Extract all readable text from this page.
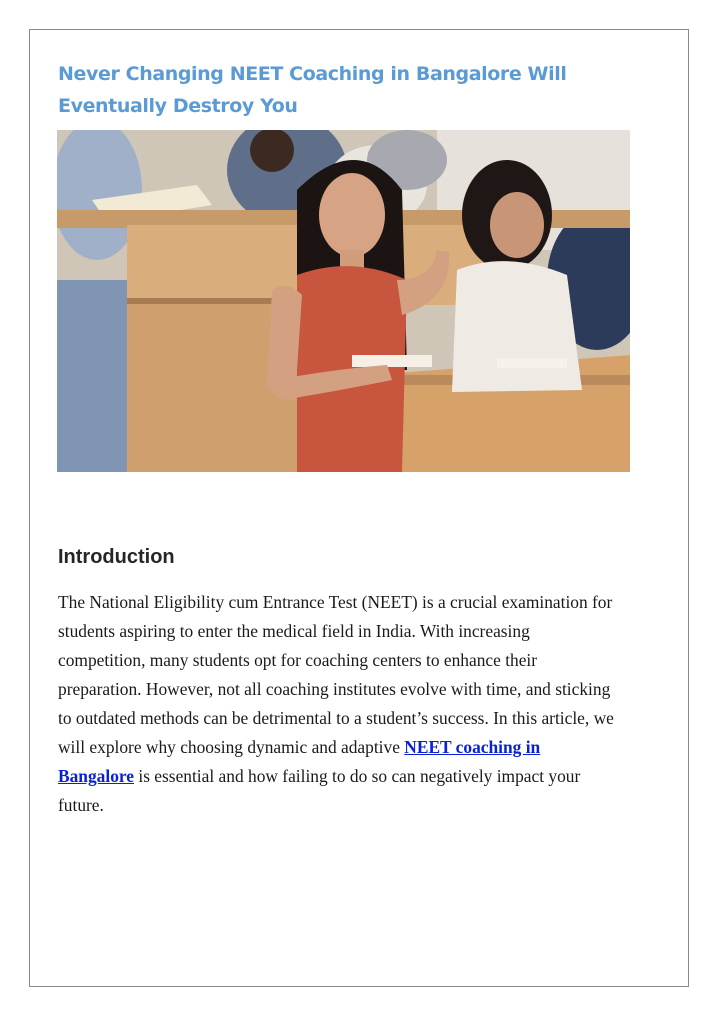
Never Changing NEET Coaching in Bangalore Will Eventually Destroy You
Introduction

The National Eligibility cum Entrance Test (NEET) is a crucial examination for students aspiring to enter the medical field in India. With increasing competition, many students opt for coaching centers to enhance their preparation. However, not all coaching institutes evolve with time, and sticking to outdated methods can be detrimental to a student’s success. In this article, we will explore why choosing dynamic and adaptive NEET coaching in Bangalore is essential and how failing to do so can negatively impact your future.
